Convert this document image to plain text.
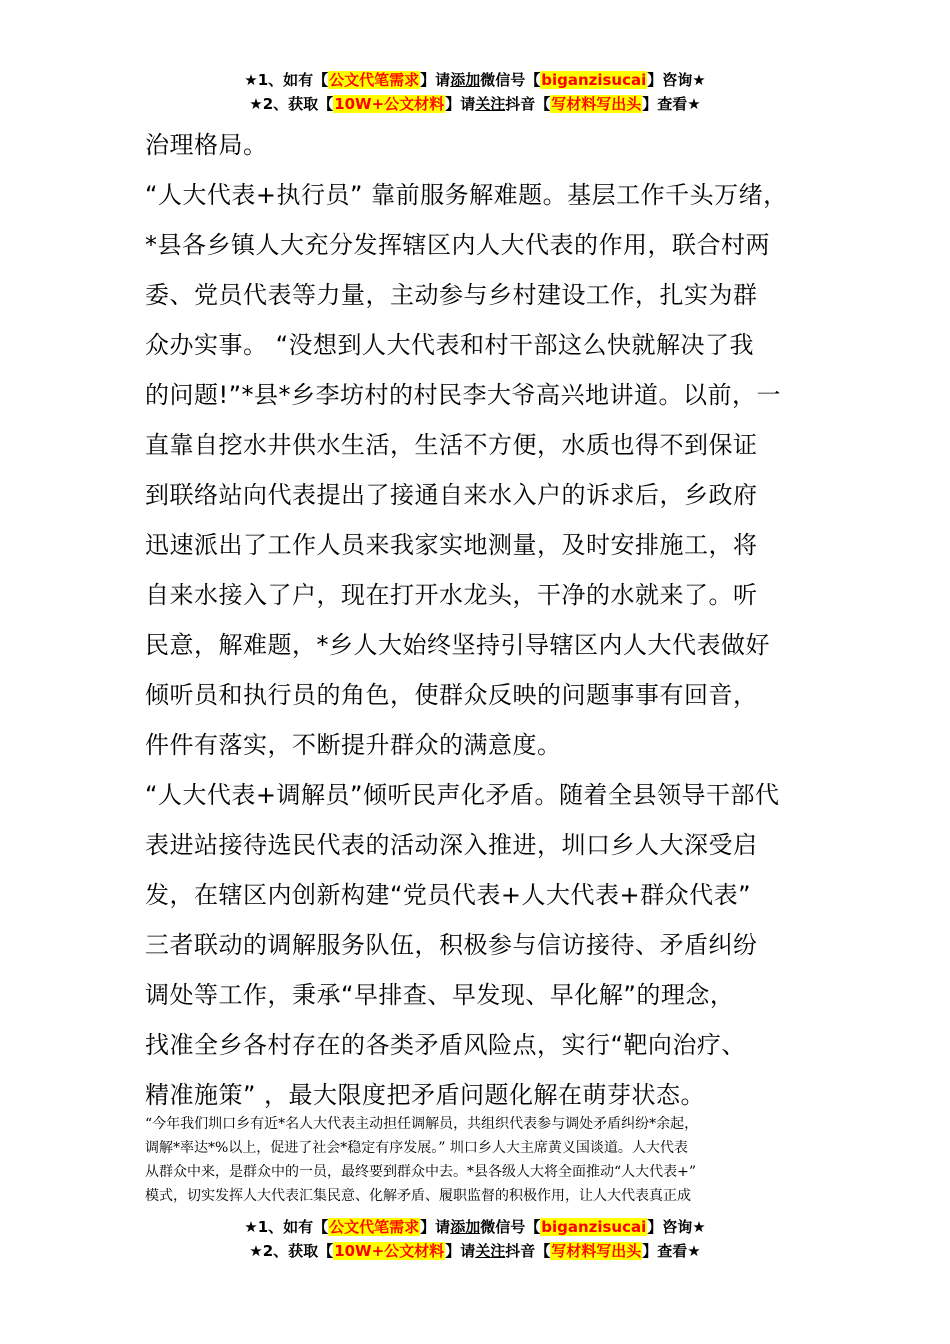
★1、如有【公文代笔需求】请添加微信号【biganzisucai】咨询★
★2、获取【10W+公文材料】请关注抖音【写材料写出头】查看★
治理格局。
“人大代表+执行员” 靠前服务解难题。基层工作千头万绪，
*县各乡镇人大充分发挥辖区内人大代表的作用，联合村两
委、党员代表等力量，主动参与乡村建设工作，扎实为群
众办实事。 “没想到人大代表和村干部这么快就解决了我
的问题!”*县*乡李坊村的村民李大爷高兴地讲道。以前，一
直靠自挖水井供水生活，生活不方便，水质也得不到保证
到联络站向代表提出了接通自来水入户的诉求后，乡政府
迅速派出了工作人员来我家实地测量，及时安排施工，将
自来水接入了户，现在打开水龙头，干净的水就来了。听
民意，解难题，*乡人大始终坚持引导辖区内人大代表做好
倾听员和执行员的角色，使群众反映的问题事事有回音，
件件有落实，不断提升群众的满意度。
“人大代表+调解员”倾听民声化矛盾。随着全县领导干部代
表进站接待选民代表的活动深入推进，圳口乡人大深受启
发，在辖区内创新构建“党员代表+人大代表+群众代表”
三者联动的调解服务队伍，积极参与信访接待、矛盾纠纷
调处等工作，秉承“早排查、早发现、早化解”的理念，
找准全乡各村存在的各类矛盾风险点，实行“靶向治疗、
精准施策” ，最大限度把矛盾问题化解在萌芽状态。
“今年我们圳口乡有近*名人大代表主动担任调解员，共组织代表参与调处矛盾纠纷*余起，
调解*率达*%以上，促进了社会*稳定有序发展。” 圳口乡人大主席黄义国谈道。人大代表
从群众中来，是群众中的一员，最终要到群众中去。*县各级人大将全面推动“人大代表+”
模式，切实发挥人大代表汇集民意、化解矛盾、履职监督的积极作用，让人大代表真正成
★1、如有【公文代笔需求】请添加微信号【biganzisucai】咨询★
★2、获取【10W+公文材料】请关注抖音【写材料写出头】查看★
